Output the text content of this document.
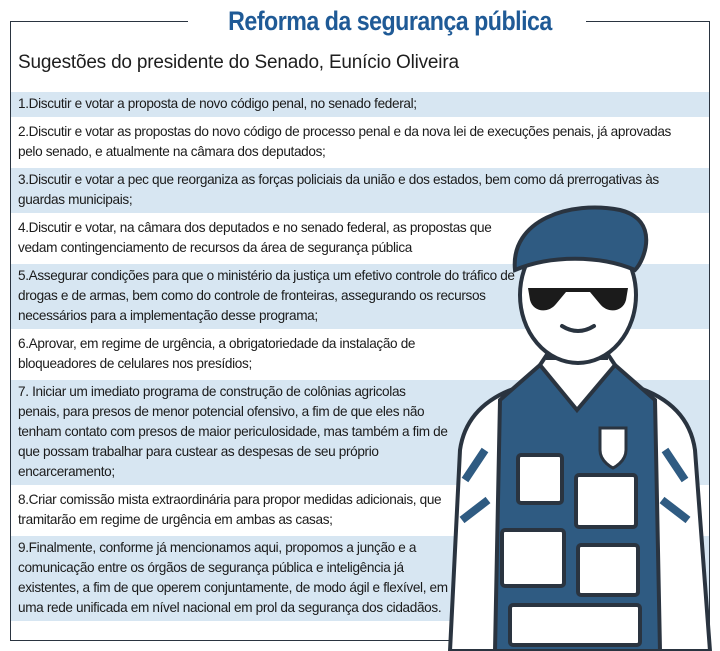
Reforma da segurança pública
Sugestões do presidente do Senado, Eunício Oliveira
1.Discutir e votar a proposta de novo código penal, no senado federal;
2.Discutir e votar as propostas do novo código de processo penal e da nova lei de execuções penais, já aprovadas pelo senado, e atualmente na câmara dos deputados;
3.Discutir e votar a pec que reorganiza as forças policiais da união e dos estados, bem como dá prerrogativas às guardas municipais;
4.Discutir e votar, na câmara dos deputados e no senado federal, as propostas que vedam contingenciamento de recursos da área de segurança pública
5.Assegurar condições para que o ministério da justiça um efetivo controle do tráfico de drogas e de armas, bem como do controle de fronteiras, assegurando os recursos necessários para a implementação desse programa;
6.Aprovar, em regime de urgência, a obrigatoriedade da instalação de bloqueadores de celulares nos presídios;
7. Iniciar um imediato programa de construção de colônias agricolas penais, para presos de menor potencial ofensivo, a fim de que eles não tenham contato com presos de maior periculosidade, mas também a fim de que possam trabalhar para custear as despesas de seu próprio encarceramento;
8.Criar comissão mista extraordinária para propor medidas adicionais, que tramitarão em regime de urgência em ambas as casas;
9.Finalmente, conforme já mencionamos aqui, propomos a junção e a comunicação entre os órgãos de segurança pública e inteligência já existentes, a fim de que operem conjuntamente, de modo ágil e flexível, em uma rede unificada em nível nacional em prol da segurança dos cidadãos.
